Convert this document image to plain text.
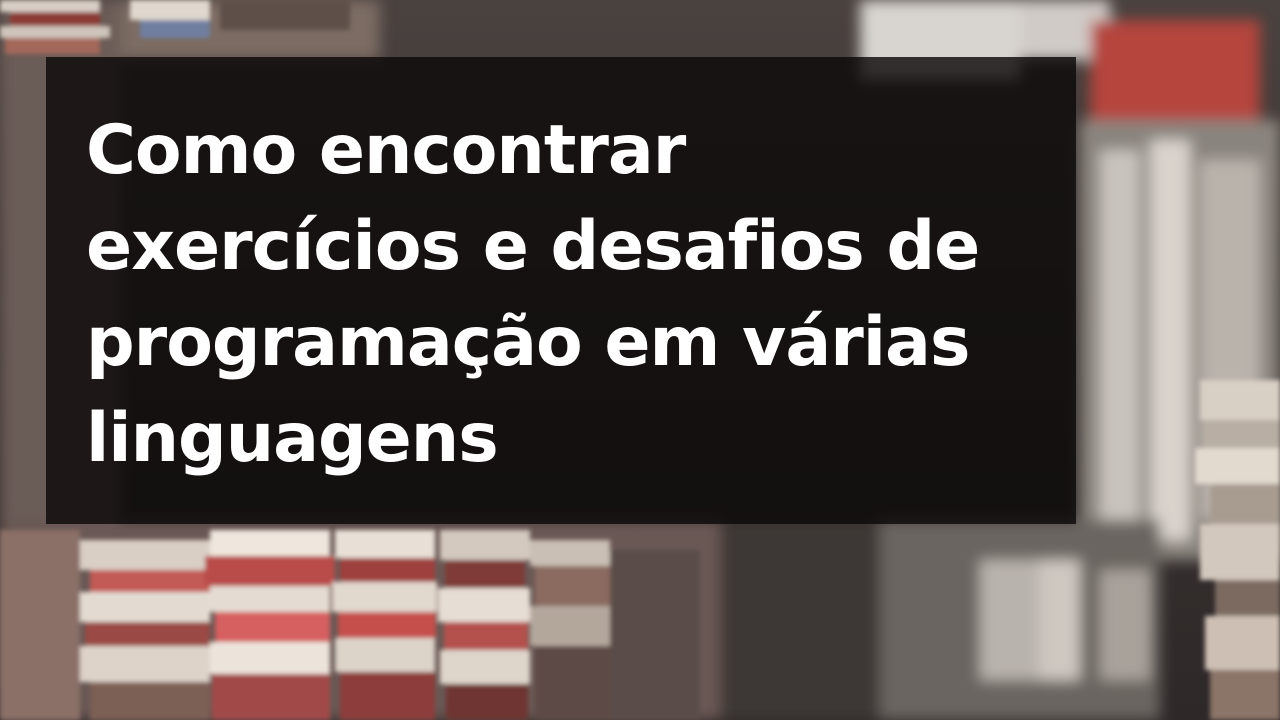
Como encontrar
exercícios e desafios de
programação em várias
linguagens
